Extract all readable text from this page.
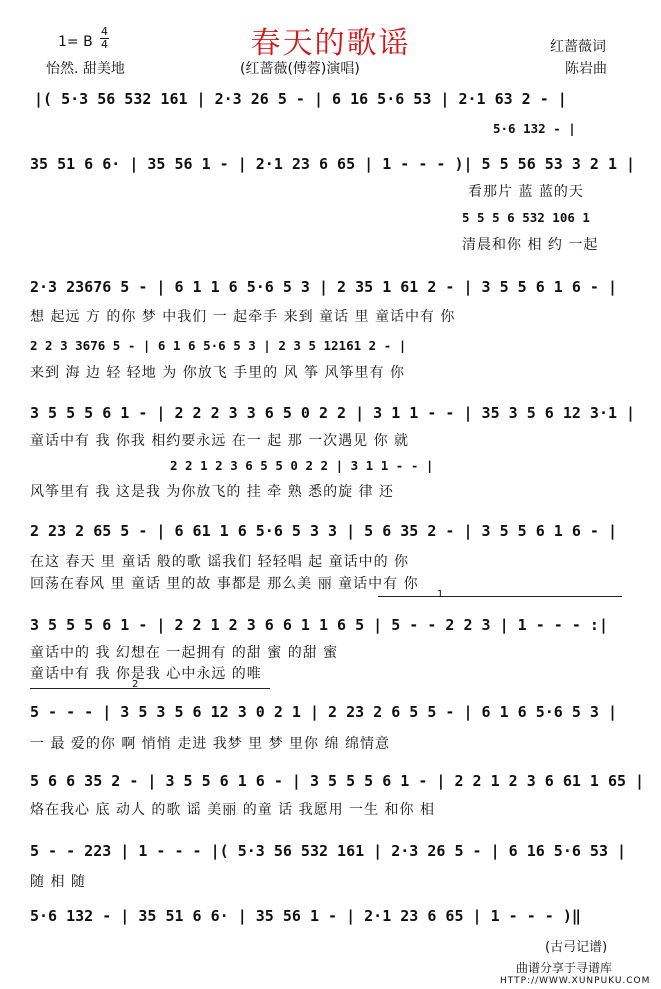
春天的歌谣
1= B
4
4
怡然. 甜美地	(红蔷薇(傅蓉)演唱)
红蔷薇词
陈岩曲
|( 5·3 56 532 161 | 2·3 26 5 - | 6 16 5·6 53 | 2·1 63 2 - |
5·6 132 - |
35 51 6 6· | 35 56 1 - | 2·1 23 6 65 | 1 - - - )| 5 5 56 53 3 2 1 |
看那片 蓝 蓝的天
5 5 5 6 532 106 1
清晨和你 相 约 一起
2·3 23676 5 - | 6 1 1 6 5·6 5 3 | 2 35 1 61 2 - | 3 5 5 6 1 6 - |
想 起远 方 的你 梦 中我们 一 起牵手 来到 童话 里 童话中有 你
2 2 3 3676 5 - | 6 1 6 5·6 5 3 | 2 3 5 12161 2 - |
来到 海 边 轻 轻地 为 你放飞 手里的 风 筝 风筝里有 你
3 5 5 5 6 1 - | 2 2 2 3 3 6 5 0 2 2 | 3 1 1 - - | 35 3 5 6 12 3·1 |
童话中有 我 你我 相约要永远 在一 起 那 一次遇见 你 就
2 2 1 2 3 6 5 5 0 2 2 | 3 1 1 - - |
风筝里有 我 这是我 为你放飞的 挂 牵 熟 悉的旋 律 还
2 23 2 65 5 - | 6 61 1 6 5·6 5 3 3 | 5 6 35 2 - | 3 5 5 6 1 6 - |
在这 春天 里 童话 般的歌 谣我们 轻轻唱 起 童话中的 你
回荡在春风 里 童话 里的故 事都是 那么美 丽 童话中有 你
1
3 5 5 5 6 1 - | 2 2 1 2 3 6 6 1 1 6 5 | 5 - - 2 2 3 | 1 - - - :|
童话中的 我 幻想在 一起拥有 的甜 蜜 的甜 蜜
童话中有 我 你是我 心中永远 的唯
2
5 - - - | 3 5 3 5 6 12 3 0 2 1 | 2 23 2 6 5 5 - | 6 1 6 5·6 5 3 |
一 最 爱的你 啊 悄悄 走进 我梦 里 梦 里你 绵 绵情意
5 6 6 35 2 - | 3 5 5 6 1 6 - | 3 5 5 5 6 1 - | 2 2 1 2 3 6 61 1 65 |
烙在我心 底 动人 的歌 谣 美丽 的童 话 我愿用 一生 和你 相
5 - - 223 | 1 - - - |( 5·3 56 532 161 | 2·3 26 5 - | 6 16 5·6 53 |
随 相 随
5·6 132 - | 35 51 6 6· | 35 56 1 - | 2·1 23 6 65 | 1 - - - )‖
(古弓记谱)
曲谱分享于寻谱库
HTTP://WWW.XUNPUKU.COM
